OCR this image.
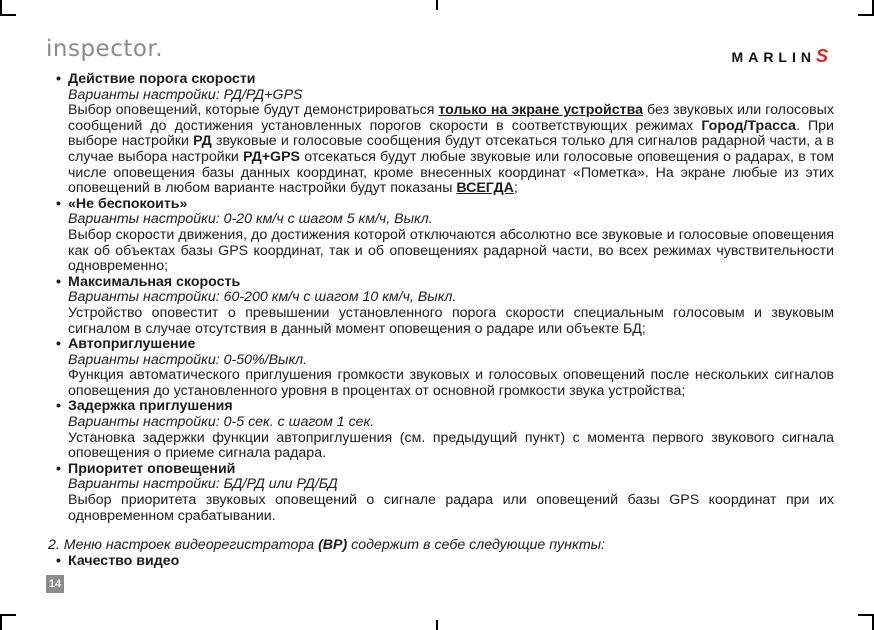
inspector.	MARLINS
• Действие порога скорости
Варианты настройки: РД/РД+GPS
Выбор оповещений, которые будут демонстрироваться только на экране устройства без звуковых или голосовых сообщений до достижения установленных порогов скорости в соответствующих режимах Город/Трасса. При выборе настройки РД звуковые и голосовые сообщения будут отсекаться только для сигналов радарной части, а в случае выбора настройки РД+GPS отсекаться будут любые звуковые или голосовые оповещения о радарах, в том числе оповещения базы данных координат, кроме внесенных координат «Пометка». На экране любые из этих оповещений в любом варианте настройки будут показаны ВСЕГДА;
• «Не беспокоить»
Варианты настройки: 0-20 км/ч с шагом 5 км/ч, Выкл.
Выбор скорости движения, до достижения которой отключаются абсолютно все звуковые и голосовые оповещения как об объектах базы GPS координат, так и об оповещениях радарной части, во всех режимах чувствительности одновременно;
• Максимальная скорость
Варианты настройки: 60-200 км/ч с шагом 10 км/ч, Выкл.
Устройство оповестит о превышении установленного порога скорости специальным голосовым и звуковым сигналом в случае отсутствия в данный момент оповещения о радаре или объекте БД;
• Автоприглушение
Варианты настройки: 0-50%/Выкл.
Функция автоматического приглушения громкости звуковых и голосовых оповещений после нескольких сигналов оповещения до установленного уровня в процентах от основной громкости звука устройства;
• Задержка приглушения
Варианты настройки: 0-5 сек. с шагом 1 сек.
Установка задержки функции автоприглушения (см. предыдущий пункт) с момента первого звукового сигнала оповещения о приеме сигнала радара.
• Приоритет оповещений
Варианты настройки: БД/РД или РД/БД
Выбор приоритета звуковых оповещений о сигнале радара или оповещений базы GPS координат при их одновременном срабатывании.
2. Меню настроек видеорегистратора (ВР) содержит в себе следующие пункты:
• Качество видео
14
